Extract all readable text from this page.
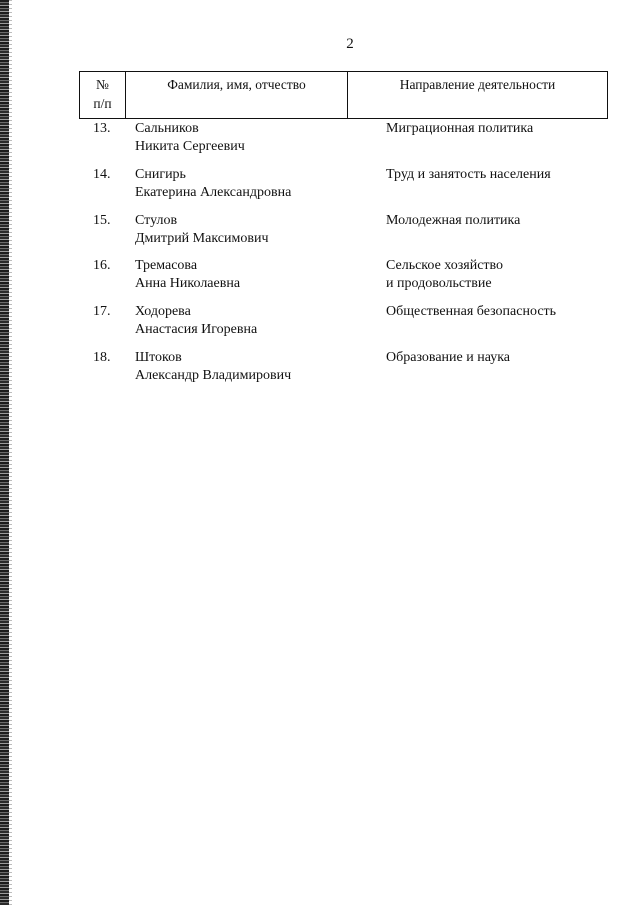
2
№
п/п
Фамилия, имя, отчество	Направление деятельности
13. Сальников
Никита Сергеевич
Миграционная политика
14. Снигирь
Екатерина Александровна
Труд и занятость населения
15. Стулов
Дмитрий Максимович
Молодежная политика
16. Тремасова
Анна Николаевна
Сельское хозяйство
и продовольствие
17. Ходорева
Анастасия Игоревна
Общественная безопасность
18. Штоков
Александр Владимирович
Образование и наука
